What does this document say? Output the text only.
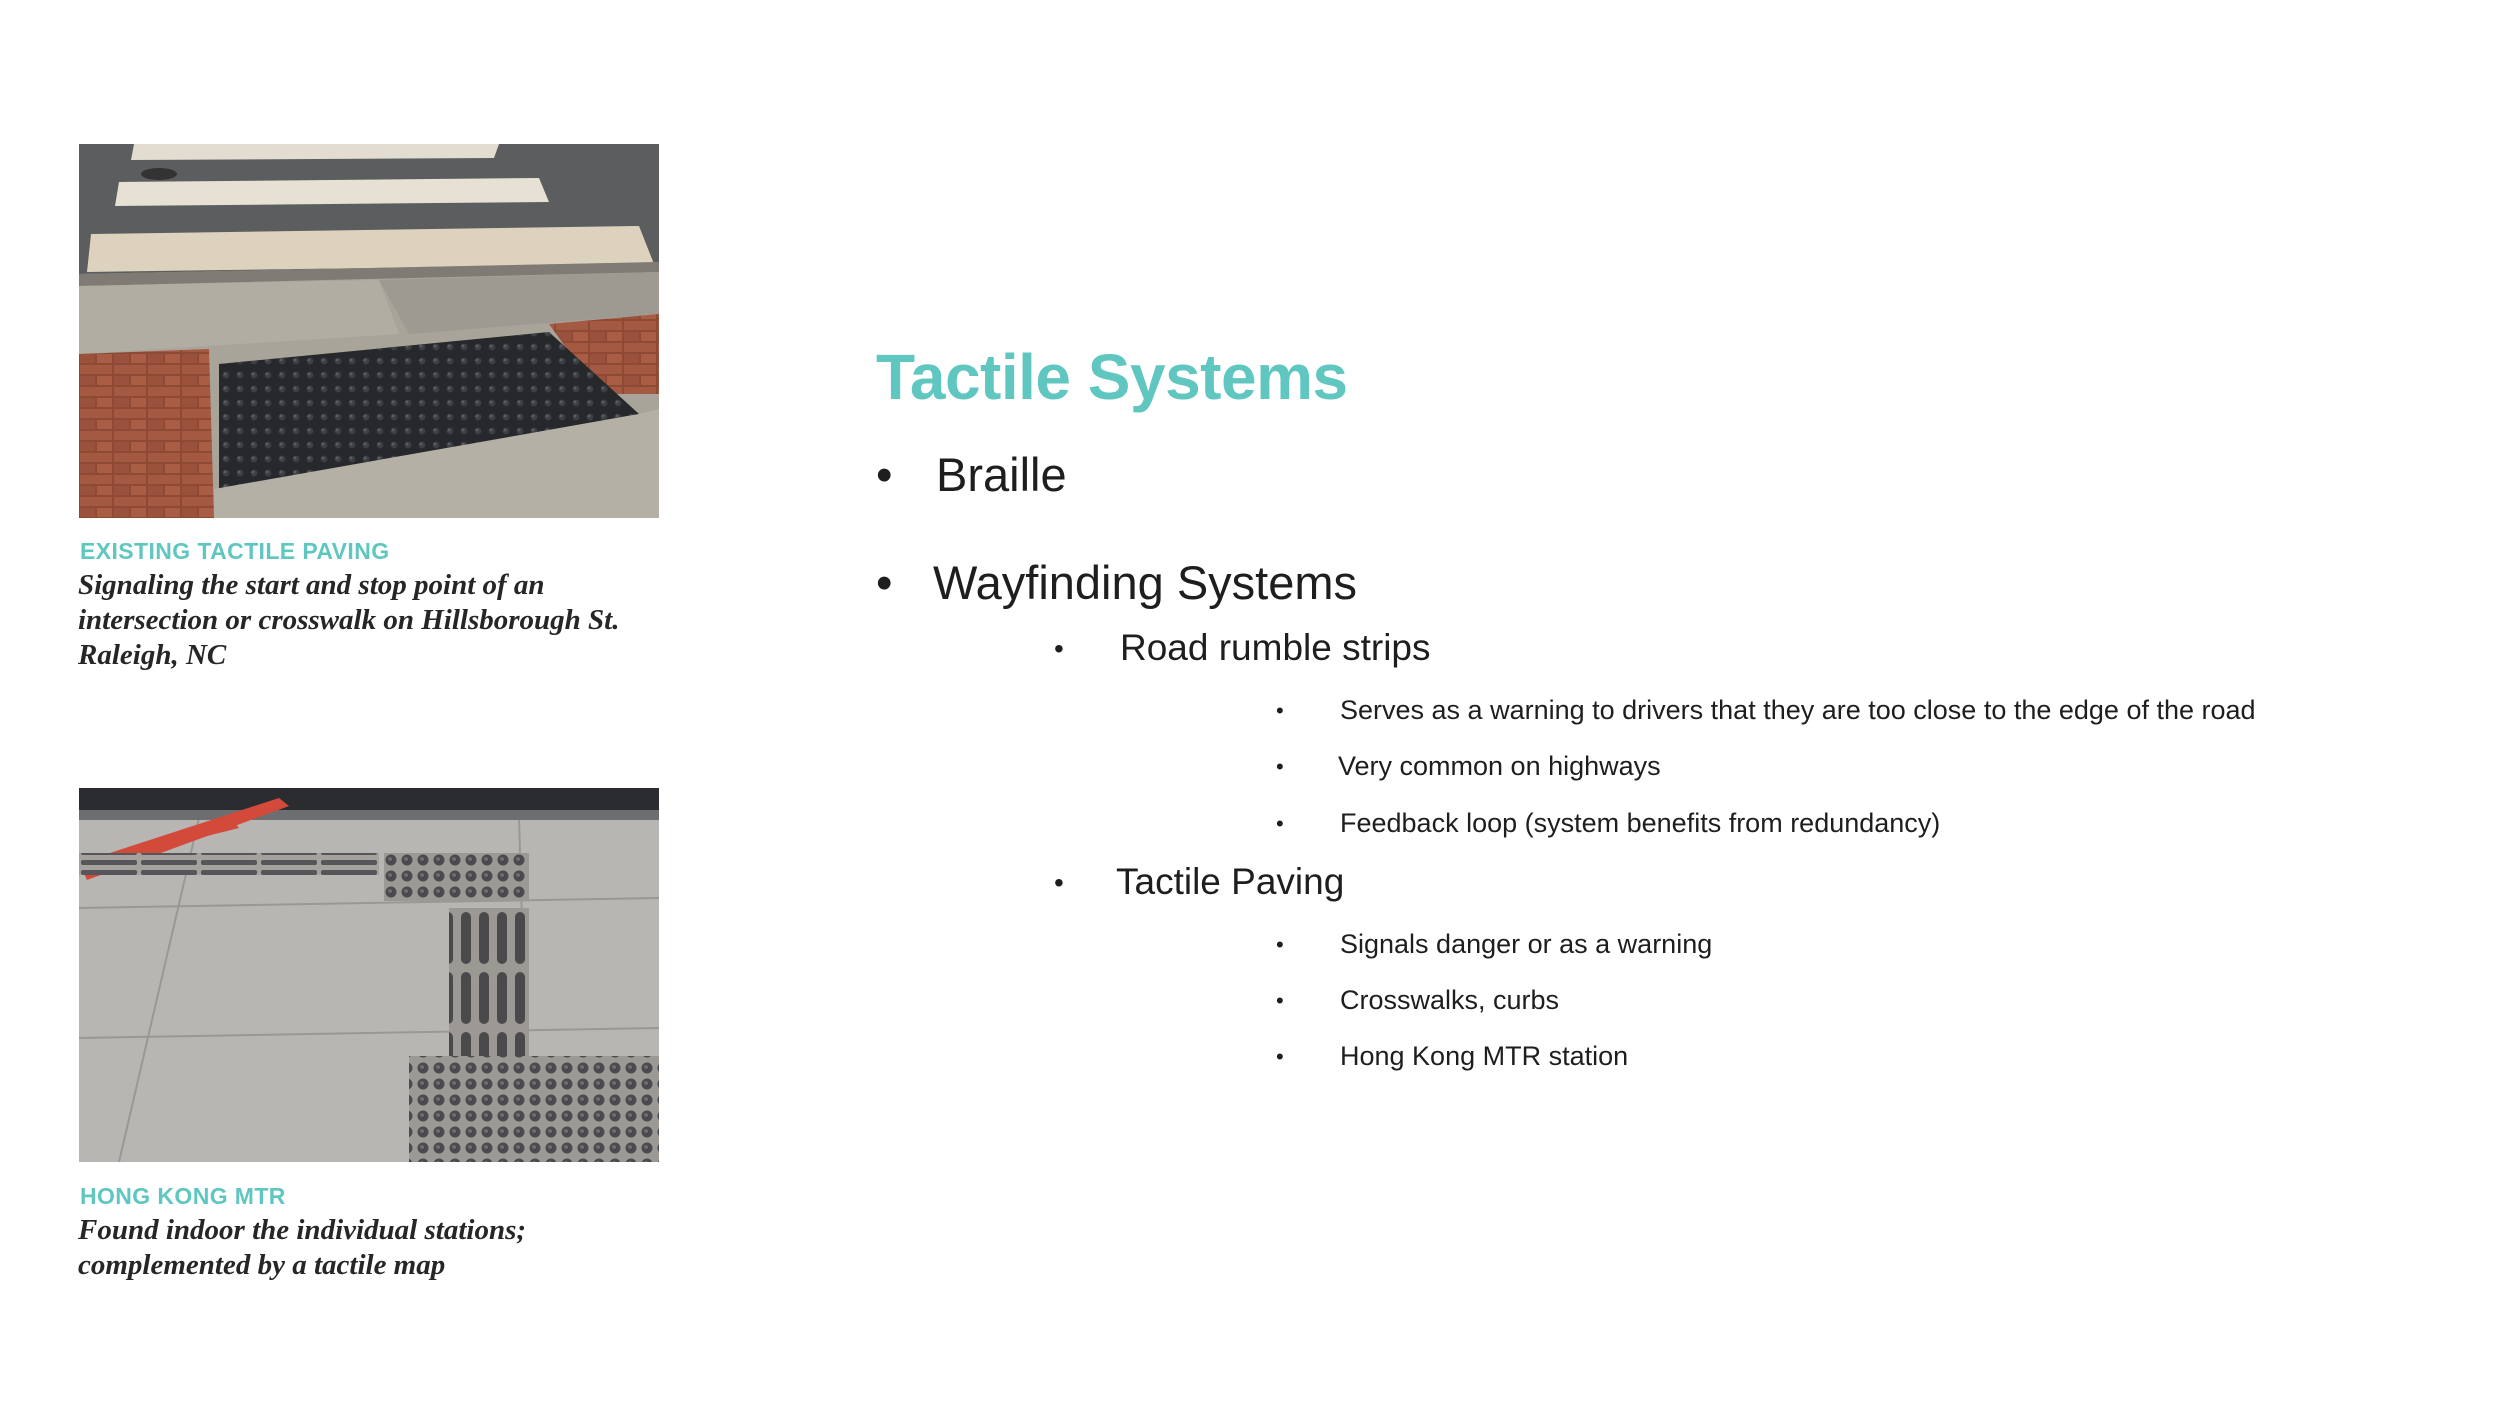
EXISTING TACTILE PAVING
Signaling the start and stop point of an
intersection or crosswalk on Hillsborough St.
Raleigh, NC
HONG KONG MTR
Found indoor the individual stations;
complemented by a tactile map
Tactile Systems
• Braille
• Wayfinding Systems
• Road rumble strips
• Serves as a warning to drivers that they are too close to the edge of the road
• Very common on highways
• Feedback loop (system benefits from redundancy)
• Tactile Paving
• Signals danger or as a warning
• Crosswalks, curbs
• Hong Kong MTR station
